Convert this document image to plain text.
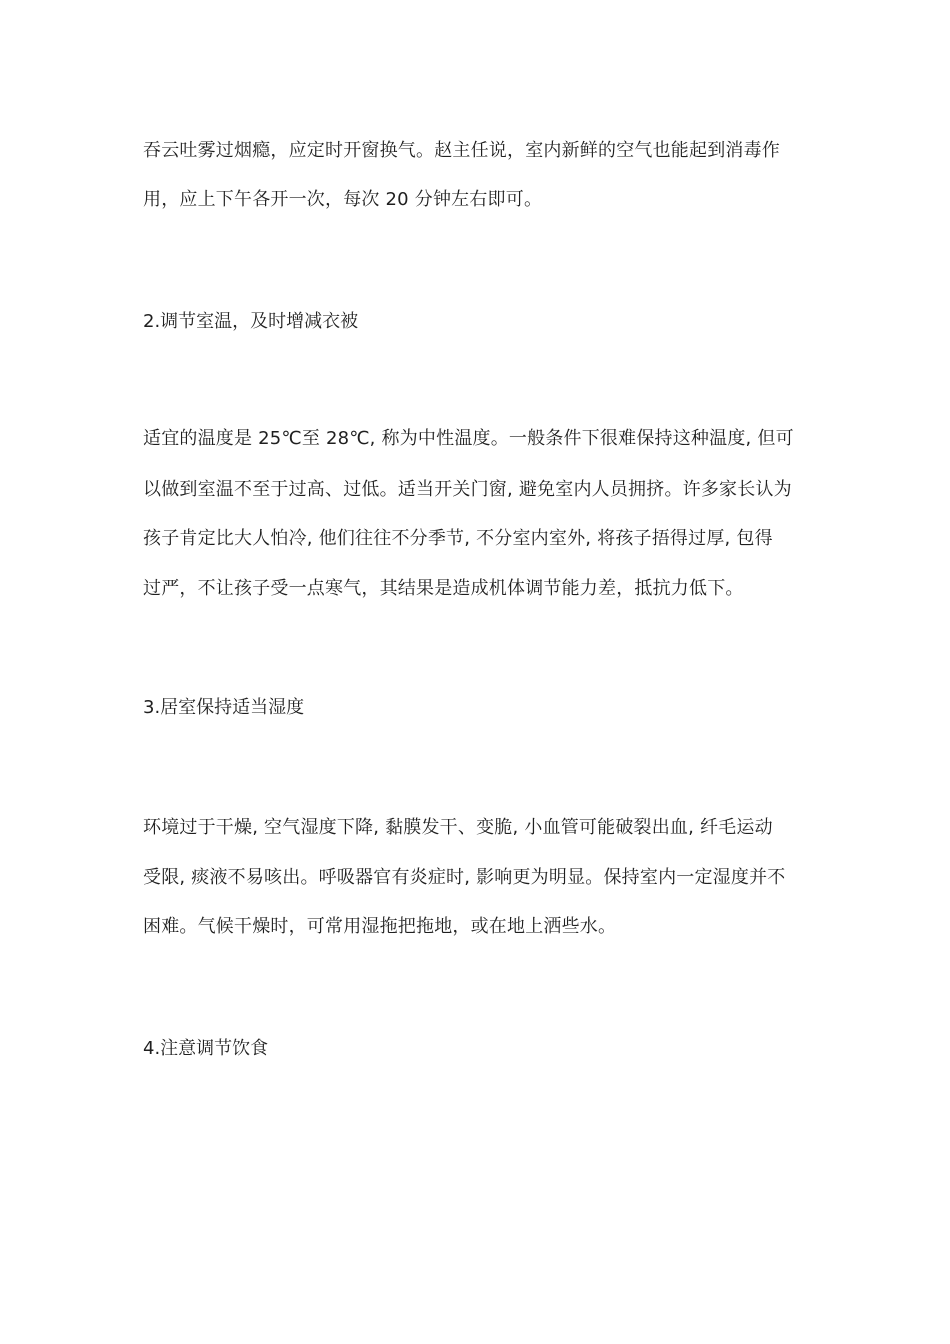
吞云吐雾过烟瘾，应定时开窗换气。赵主任说，室内新鲜的空气也能起到消毒作
用，应上下午各开一次，每次 20 分钟左右即可。
2.调节室温，及时增减衣被
适宜的温度是 25℃至 28℃, 称为中性温度。一般条件下很难保持这种温度, 但可
以做到室温不至于过高、过低。适当开关门窗, 避免室内人员拥挤。许多家长认为
孩子肯定比大人怕冷, 他们往往不分季节, 不分室内室外, 将孩子捂得过厚, 包得
过严，不让孩子受一点寒气，其结果是造成机体调节能力差，抵抗力低下。
3.居室保持适当湿度
环境过于干燥, 空气湿度下降, 黏膜发干、变脆, 小血管可能破裂出血, 纤毛运动
受限, 痰液不易咳出。呼吸器官有炎症时, 影响更为明显。保持室内一定湿度并不
困难。气候干燥时，可常用湿拖把拖地，或在地上洒些水。
4.注意调节饮食
